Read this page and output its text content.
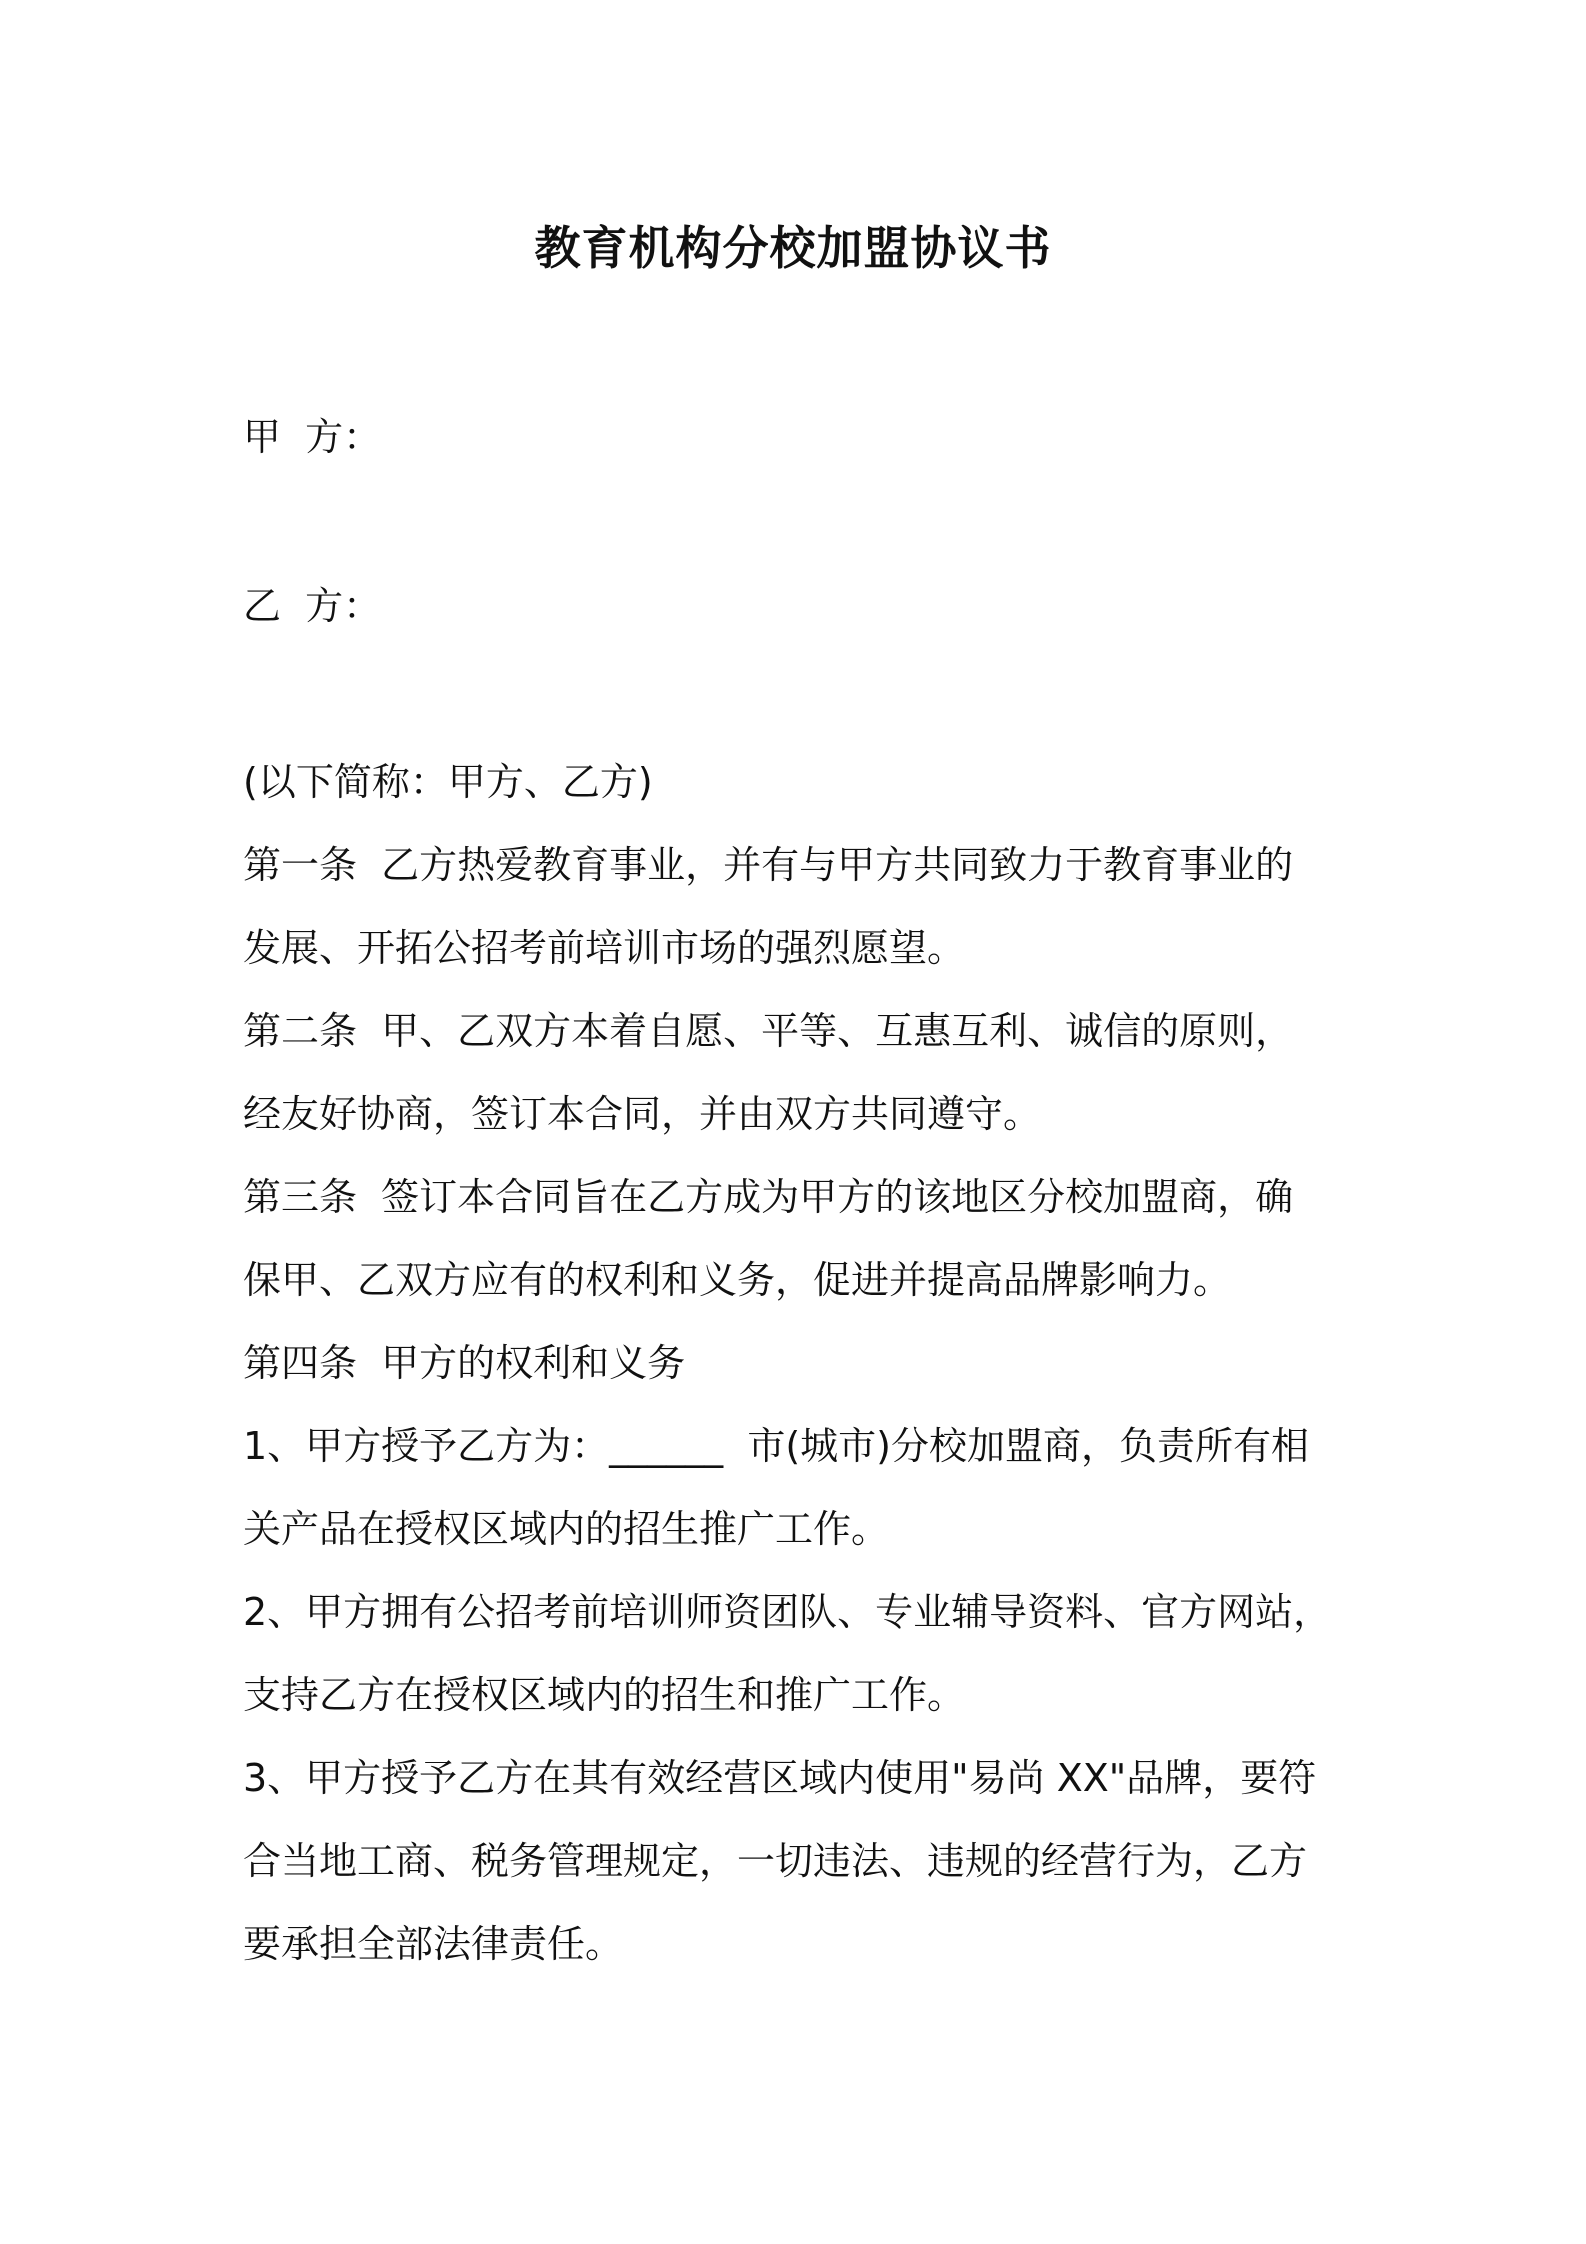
教育机构分校加盟协议书

甲  方：

乙  方：

(以下简称：甲方、乙方)
第一条  乙方热爱教育事业，并有与甲方共同致力于教育事业的
发展、开拓公招考前培训市场的强烈愿望。
第二条  甲、乙双方本着自愿、平等、互惠互利、诚信的原则，
经友好协商，签订本合同，并由双方共同遵守。
第三条  签订本合同旨在乙方成为甲方的该地区分校加盟商，确
保甲、乙双方应有的权利和义务，促进并提高品牌影响力。
第四条  甲方的权利和义务
1、甲方授予乙方为：______  市(城市)分校加盟商，负责所有相
关产品在授权区域内的招生推广工作。
2、甲方拥有公招考前培训师资团队、专业辅导资料、官方网站，
支持乙方在授权区域内的招生和推广工作。
3、甲方授予乙方在其有效经营区域内使用"易尚 XX"品牌，要符
合当地工商、税务管理规定，一切违法、违规的经营行为，乙方
要承担全部法律责任。
